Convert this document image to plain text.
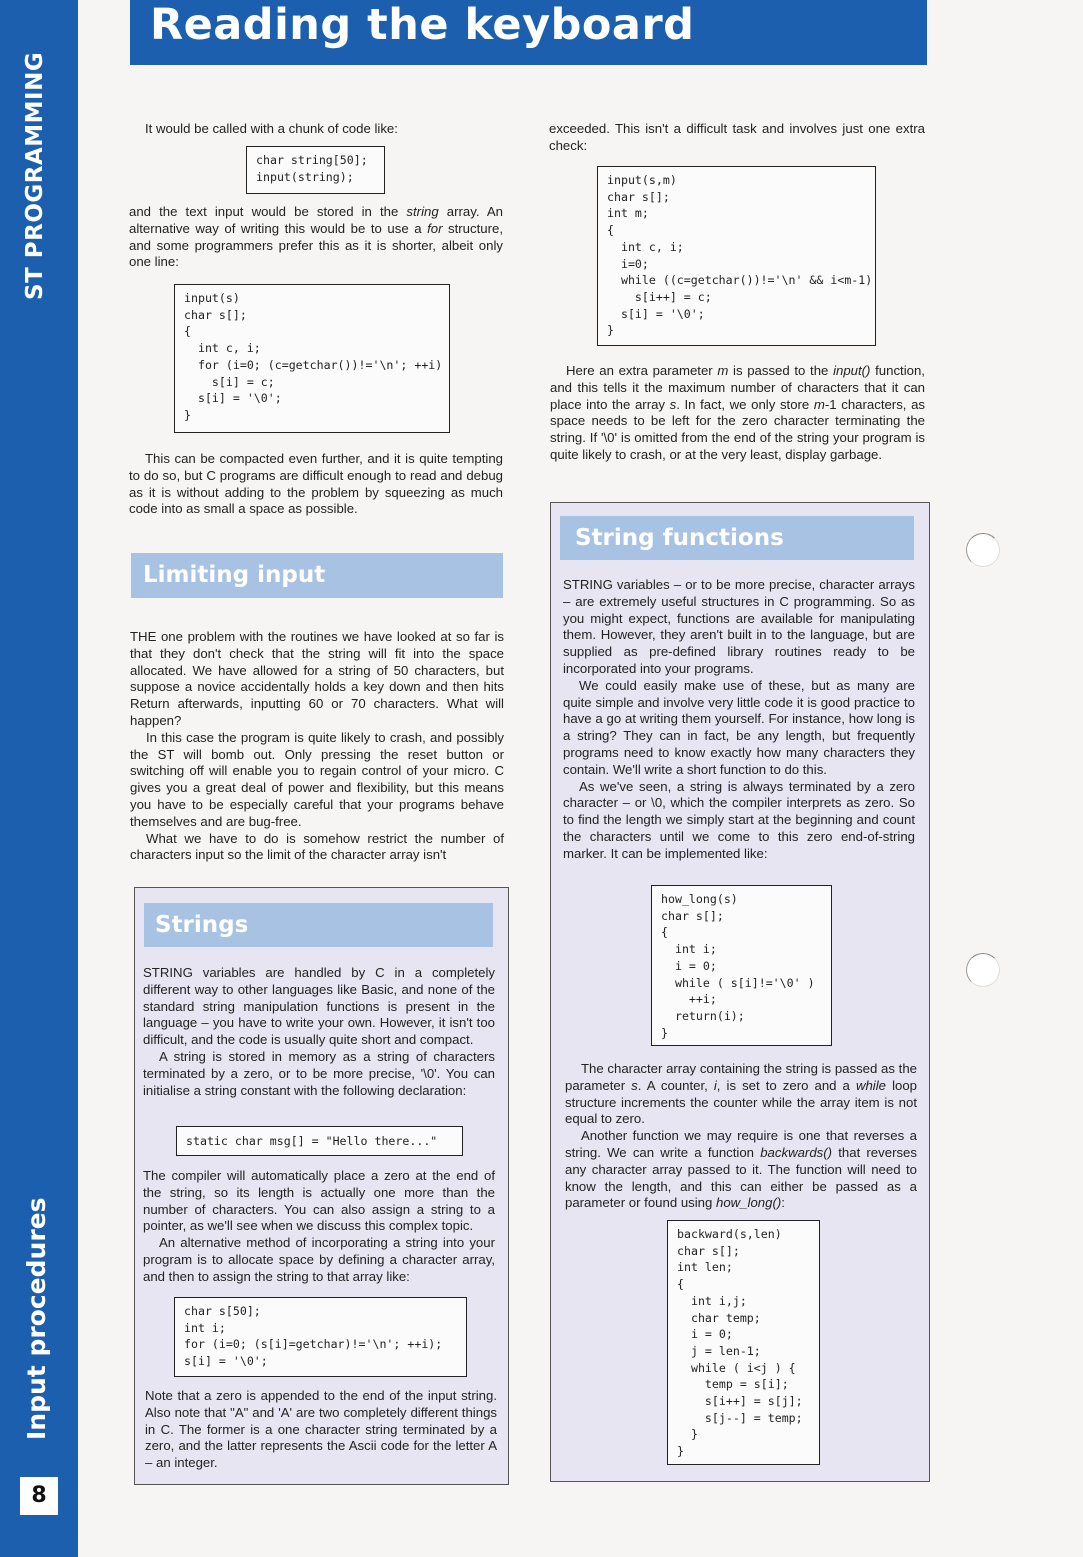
ST PROGRAMMING
Input procedures
8
Reading the keyboard

It would be called with a chunk of code like:

char string[50];
input(string);

and the text input would be stored in the string array. An alternative way of writing this would be to use a for structure, and some programmers prefer this as it is shorter, albeit only one line:

input(s)
char s[];
{
int c, i;
for (i=0; (c=getchar())!='\n'; ++i)
s[i] = c;
s[i] = '\0';
}

This can be compacted even further, and it is quite tempting to do so, but C programs are difficult enough to read and debug as it is without adding to the problem by squeezing as much code into as small a space as possible.

Limiting input

THE one problem with the routines we have looked at so far is that they don't check that the string will fit into the space allocated. We have allowed for a string of 50 characters, but suppose a novice accidentally holds a key down and then hits Return afterwards, inputting 60 or 70 characters. What will happen?

In this case the program is quite likely to crash, and possibly the ST will bomb out. Only pressing the reset button or switching off will enable you to regain control of your micro. C gives you a great deal of power and flexibility, but this means you have to be especially careful that your programs behave themselves and are bug-free.

What we have to do is somehow restrict the number of characters input so the limit of the character array isn't

Strings

STRING variables are handled by C in a completely different way to other languages like Basic, and none of the standard string manipulation functions is present in the language – you have to write your own. However, it isn't too difficult, and the code is usually quite short and compact.

A string is stored in memory as a string of characters terminated by a zero, or to be more precise, '\0'. You can initialise a string constant with the following declaration:

static char msg[] = "Hello there..."

The compiler will automatically place a zero at the end of the string, so its length is actually one more than the number of characters. You can also assign a string to a pointer, as we'll see when we discuss this complex topic.

An alternative method of incorporating a string into your program is to allocate space by defining a character array, and then to assign the string to that array like:

char s[50];
int i;
for (i=0; (s[i]=getchar)!='\n'; ++i);
s[i] = '\0';

Note that a zero is appended to the end of the input string. Also note that "A" and 'A' are two completely different things in C. The former is a one character string terminated by a zero, and the latter represents the Ascii code for the letter A – an integer.

exceeded. This isn't a difficult task and involves just one extra check:

input(s,m)
char s[];
int m;
{
int c, i;
i=0;
while ((c=getchar())!='\n' && i<m-1)
s[i++] = c;
s[i] = '\0';
}

Here an extra parameter m is passed to the input() function, and this tells it the maximum number of characters that it can place into the array s. In fact, we only store m-1 characters, as space needs to be left for the zero character terminating the string. If '\0' is omitted from the end of the string your program is quite likely to crash, or at the very least, display garbage.

String functions

STRING variables – or to be more precise, character arrays – are extremely useful structures in C programming. So as you might expect, functions are available for manipulating them. However, they aren't built in to the language, but are supplied as pre-defined library routines ready to be incorporated into your programs.

We could easily make use of these, but as many are quite simple and involve very little code it is good practice to have a go at writing them yourself. For instance, how long is a string? They can in fact, be any length, but frequently programs need to know exactly how many characters they contain. We'll write a short function to do this.

As we've seen, a string is always terminated by a zero character – or \0, which the compiler interprets as zero. So to find the length we simply start at the beginning and count the characters until we come to this zero end-of-string marker. It can be implemented like:

how_long(s)
char s[];
{
int i;
i = 0;
while ( s[i]!='\0' )
++i;
return(i);
}

The character array containing the string is passed as the parameter s. A counter, i, is set to zero and a while loop structure increments the counter while the array item is not equal to zero.

Another function we may require is one that reverses a string. We can write a function backwards() that reverses any character array passed to it. The function will need to know the length, and this can either be passed as a parameter or found using how_long():

backward(s,len)
char s[];
int len;
{
int i,j;
char temp;
i = 0;
j = len-1;
while ( i<j ) {
temp = s[i];
s[i++] = s[j];
s[j--] = temp;
}
}
